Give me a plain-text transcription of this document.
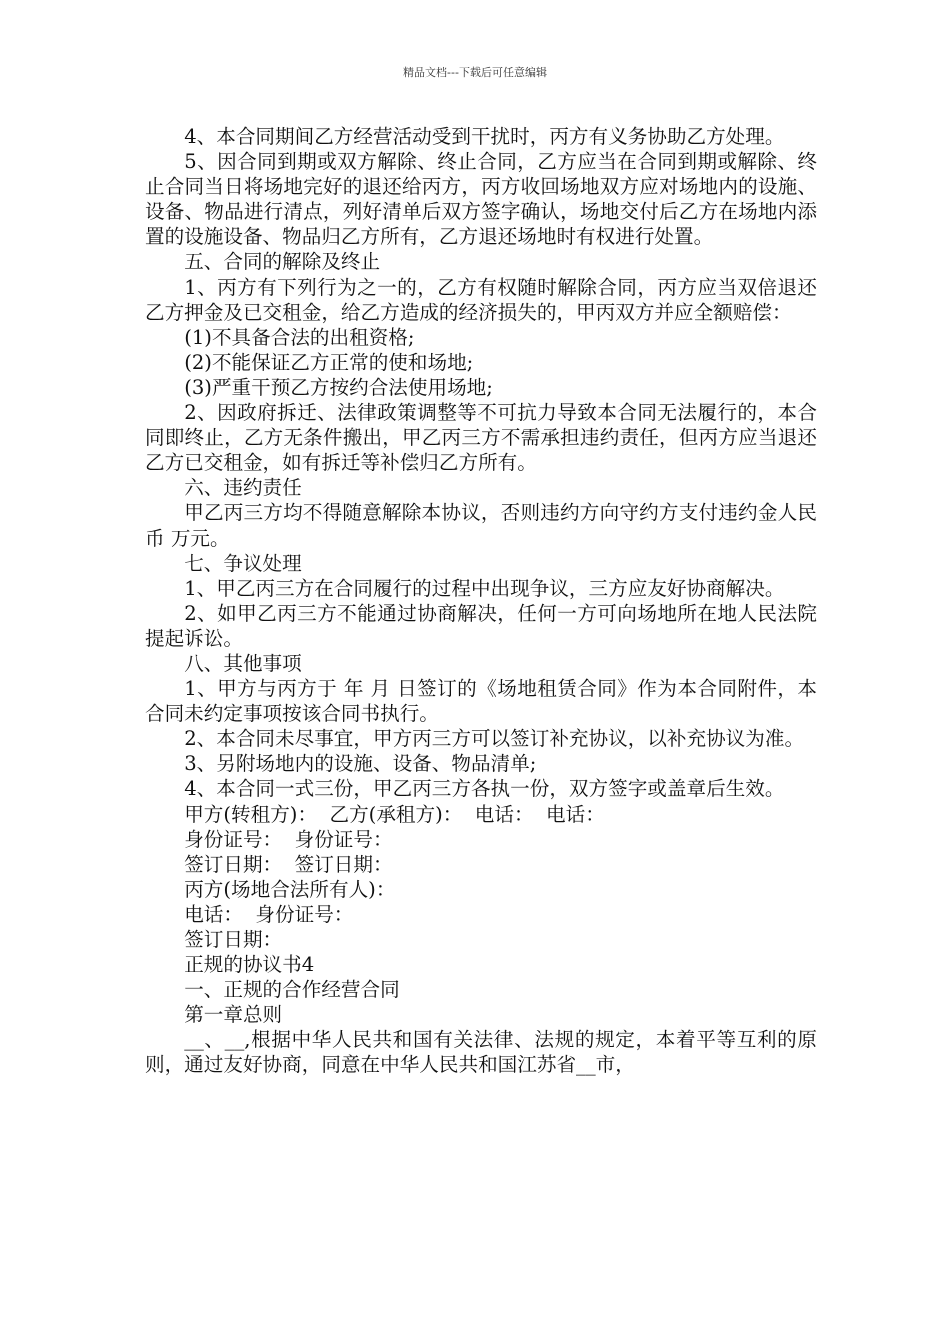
精品文档---下载后可任意编辑

4、本合同期间乙方经营活动受到干扰时，丙方有义务协助乙方处理。

5、因合同到期或双方解除、终止合同，乙方应当在合同到期或解除、终止合同当日将场地完好的退还给丙方，丙方收回场地双方应对场地内的设施、设备、物品进行清点，列好清单后双方签字确认，场地交付后乙方在场地内添置的设施设备、物品归乙方所有，乙方退还场地时有权进行处置。

五、合同的解除及终止

1、丙方有下列行为之一的，乙方有权随时解除合同，丙方应当双倍退还乙方押金及已交租金，给乙方造成的经济损失的，甲丙双方并应全额赔偿：

(1)不具备合法的出租资格;

(2)不能保证乙方正常的使和场地;

(3)严重干预乙方按约合法使用场地;

2、因政府拆迁、法律政策调整等不可抗力导致本合同无法履行的，本合同即终止，乙方无条件搬出，甲乙丙三方不需承担违约责任，但丙方应当退还乙方已交租金，如有拆迁等补偿归乙方所有。

六、违约责任

甲乙丙三方均不得随意解除本协议，否则违约方向守约方支付违约金人民币 万元。

七、争议处理

1、甲乙丙三方在合同履行的过程中出现争议，三方应友好协商解决。

2、如甲乙丙三方不能通过协商解决，任何一方可向场地所在地人民法院提起诉讼。

八、其他事项

1、甲方与丙方于 年 月 日签订的《场地租赁合同》作为本合同附件，本合同未约定事项按该合同书执行。

2、本合同未尽事宜，甲方丙三方可以签订补充协议，以补充协议为准。

3、另附场地内的设施、设备、物品清单;

4、本合同一式三份，甲乙丙三方各执一份，双方签字或盖章后生效。

甲方(转租方)：  乙方(承租方)：  电话：  电话：

身份证号：  身份证号：

签订日期：  签订日期：

丙方(场地合法所有人)：

电话：  身份证号：

签订日期：

正规的协议书4

一、正规的合作经营合同

第一章总则

__、__,根据中华人民共和国有关法律、法规的规定，本着平等互利的原则，通过友好协商，同意在中华人民共和国江苏省__市，
